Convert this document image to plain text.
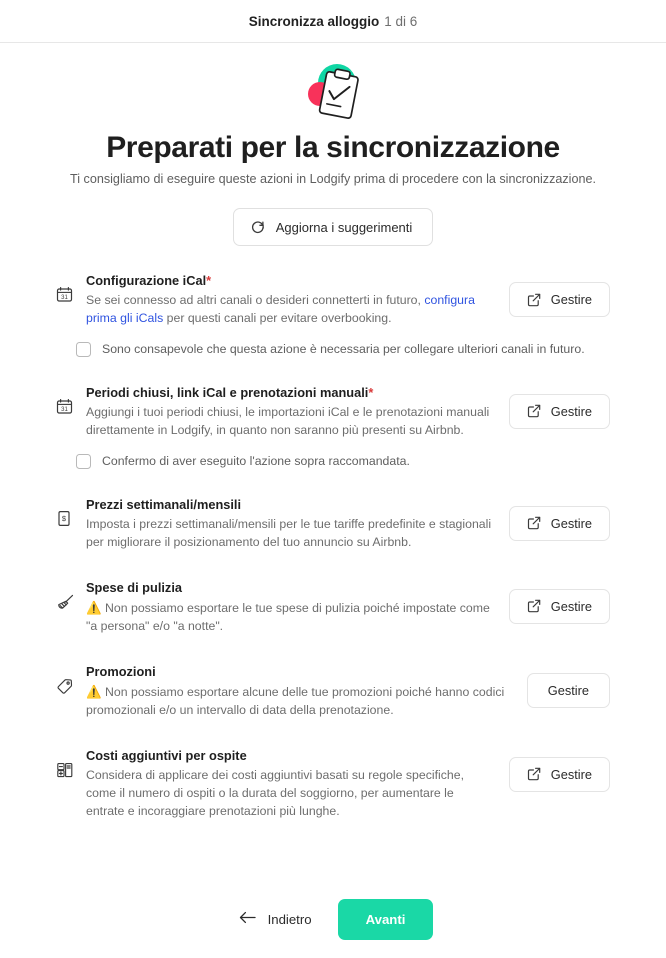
Sincronizza alloggio 1 di 6
Preparati per la sincronizzazione

Ti consigliamo di eseguire queste azioni in Lodgify prima di procedere con la sincronizzazione.

Aggiorna i suggerimenti
31

Configurazione iCal*

Se sei connesso ad altri canali o desideri connetterti in futuro, configura prima gli iCals per questi canali per evitare overbooking.

Gestire
Sono consapevole che questa azione è necessaria per collegare ulteriori canali in futuro.
31

Periodi chiusi, link iCal e prenotazioni manuali*

Aggiungi i tuoi periodi chiusi, le importazioni iCal e le prenotazioni manuali direttamente in Lodgify, in quanto non saranno più presenti su Airbnb.

Gestire
Confermo di aver eseguito l'azione sopra raccomandata.
$

Prezzi settimanali/mensili

Imposta i prezzi settimanali/mensili per le tue tariffe predefinite e stagionali per migliorare il posizionamento del tuo annuncio su Airbnb.

Gestire

Spese di pulizia

⚠️ Non possiamo esportare le tue spese di pulizia poiché impostate come "a persona" e/o "a notte".

Gestire

Promozioni

⚠️ Non possiamo esportare alcune delle tue promozioni poiché hanno codici promozionali e/o un intervallo di data della prenotazione.

Gestire

Costi aggiuntivi per ospite

Considera di applicare dei costi aggiuntivi basati su regole specifiche, come il numero di ospiti o la durata del soggiorno, per aumentare le entrate e incoraggiare prenotazioni più lunghe.

Gestire
Indietro	Avanti
